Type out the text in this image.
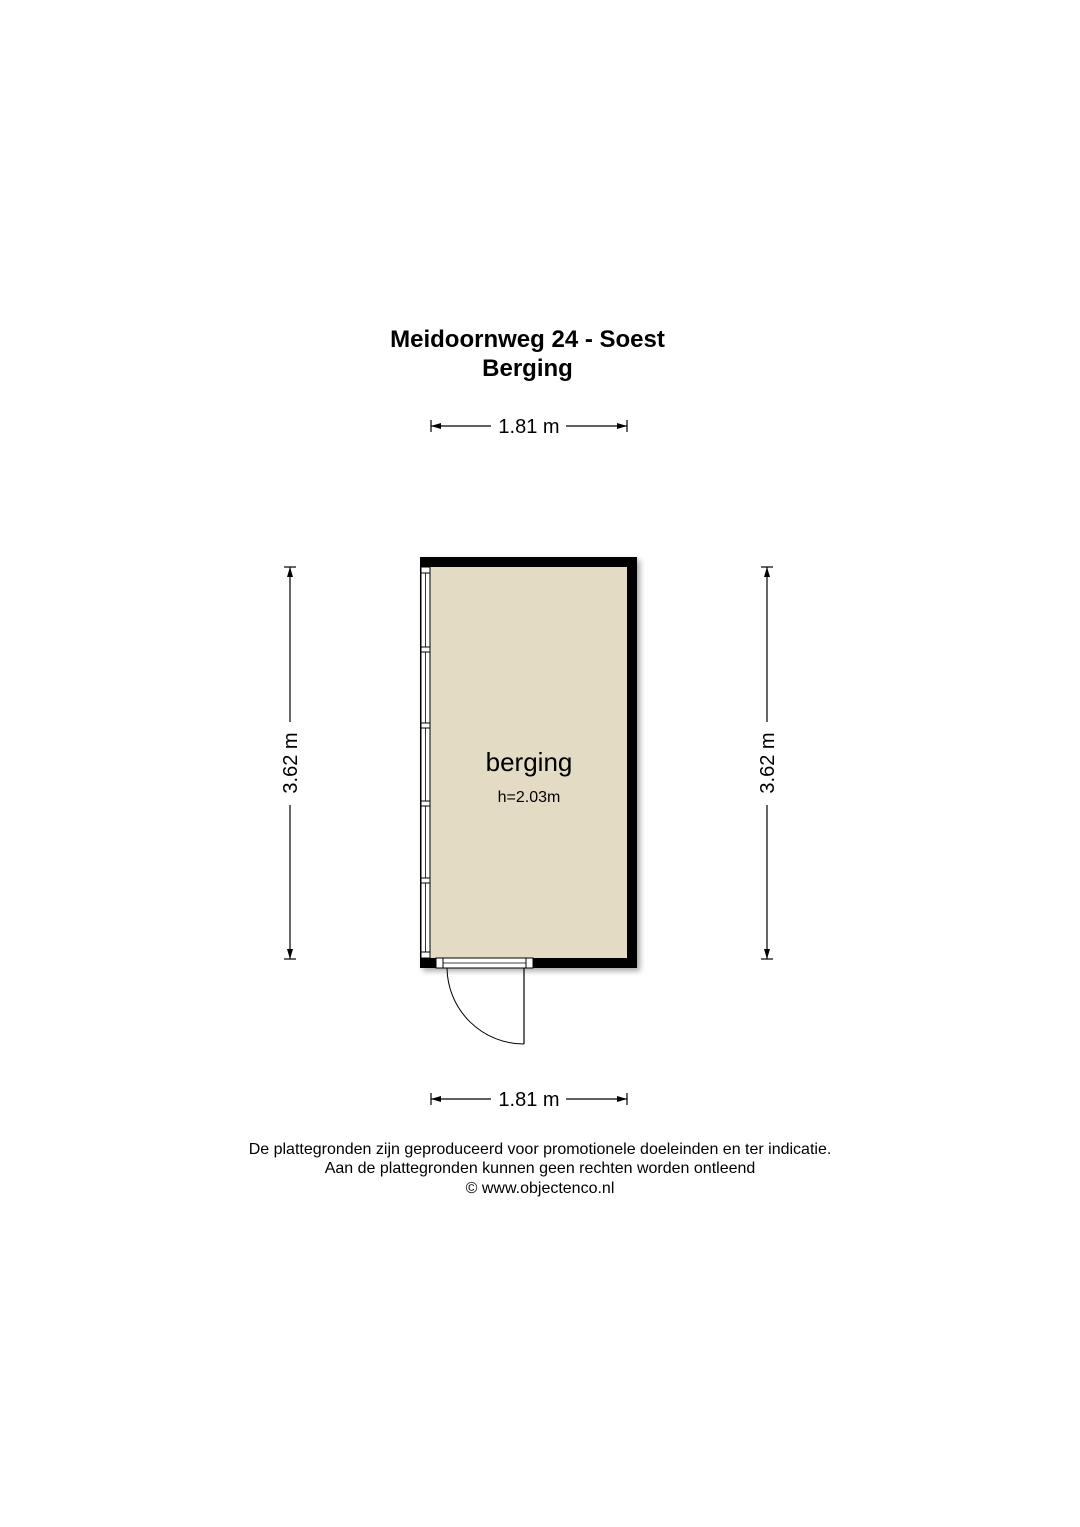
Meidoornweg 24 - Soest
Berging
1.81 m
3.62 m	3.62 m
berging
h=2.03m
1.81 m
De plattegronden zijn geproduceerd voor promotionele doeleinden en ter indicatie.
Aan de plattegronden kunnen geen rechten worden ontleend
© www.objectenco.nl
